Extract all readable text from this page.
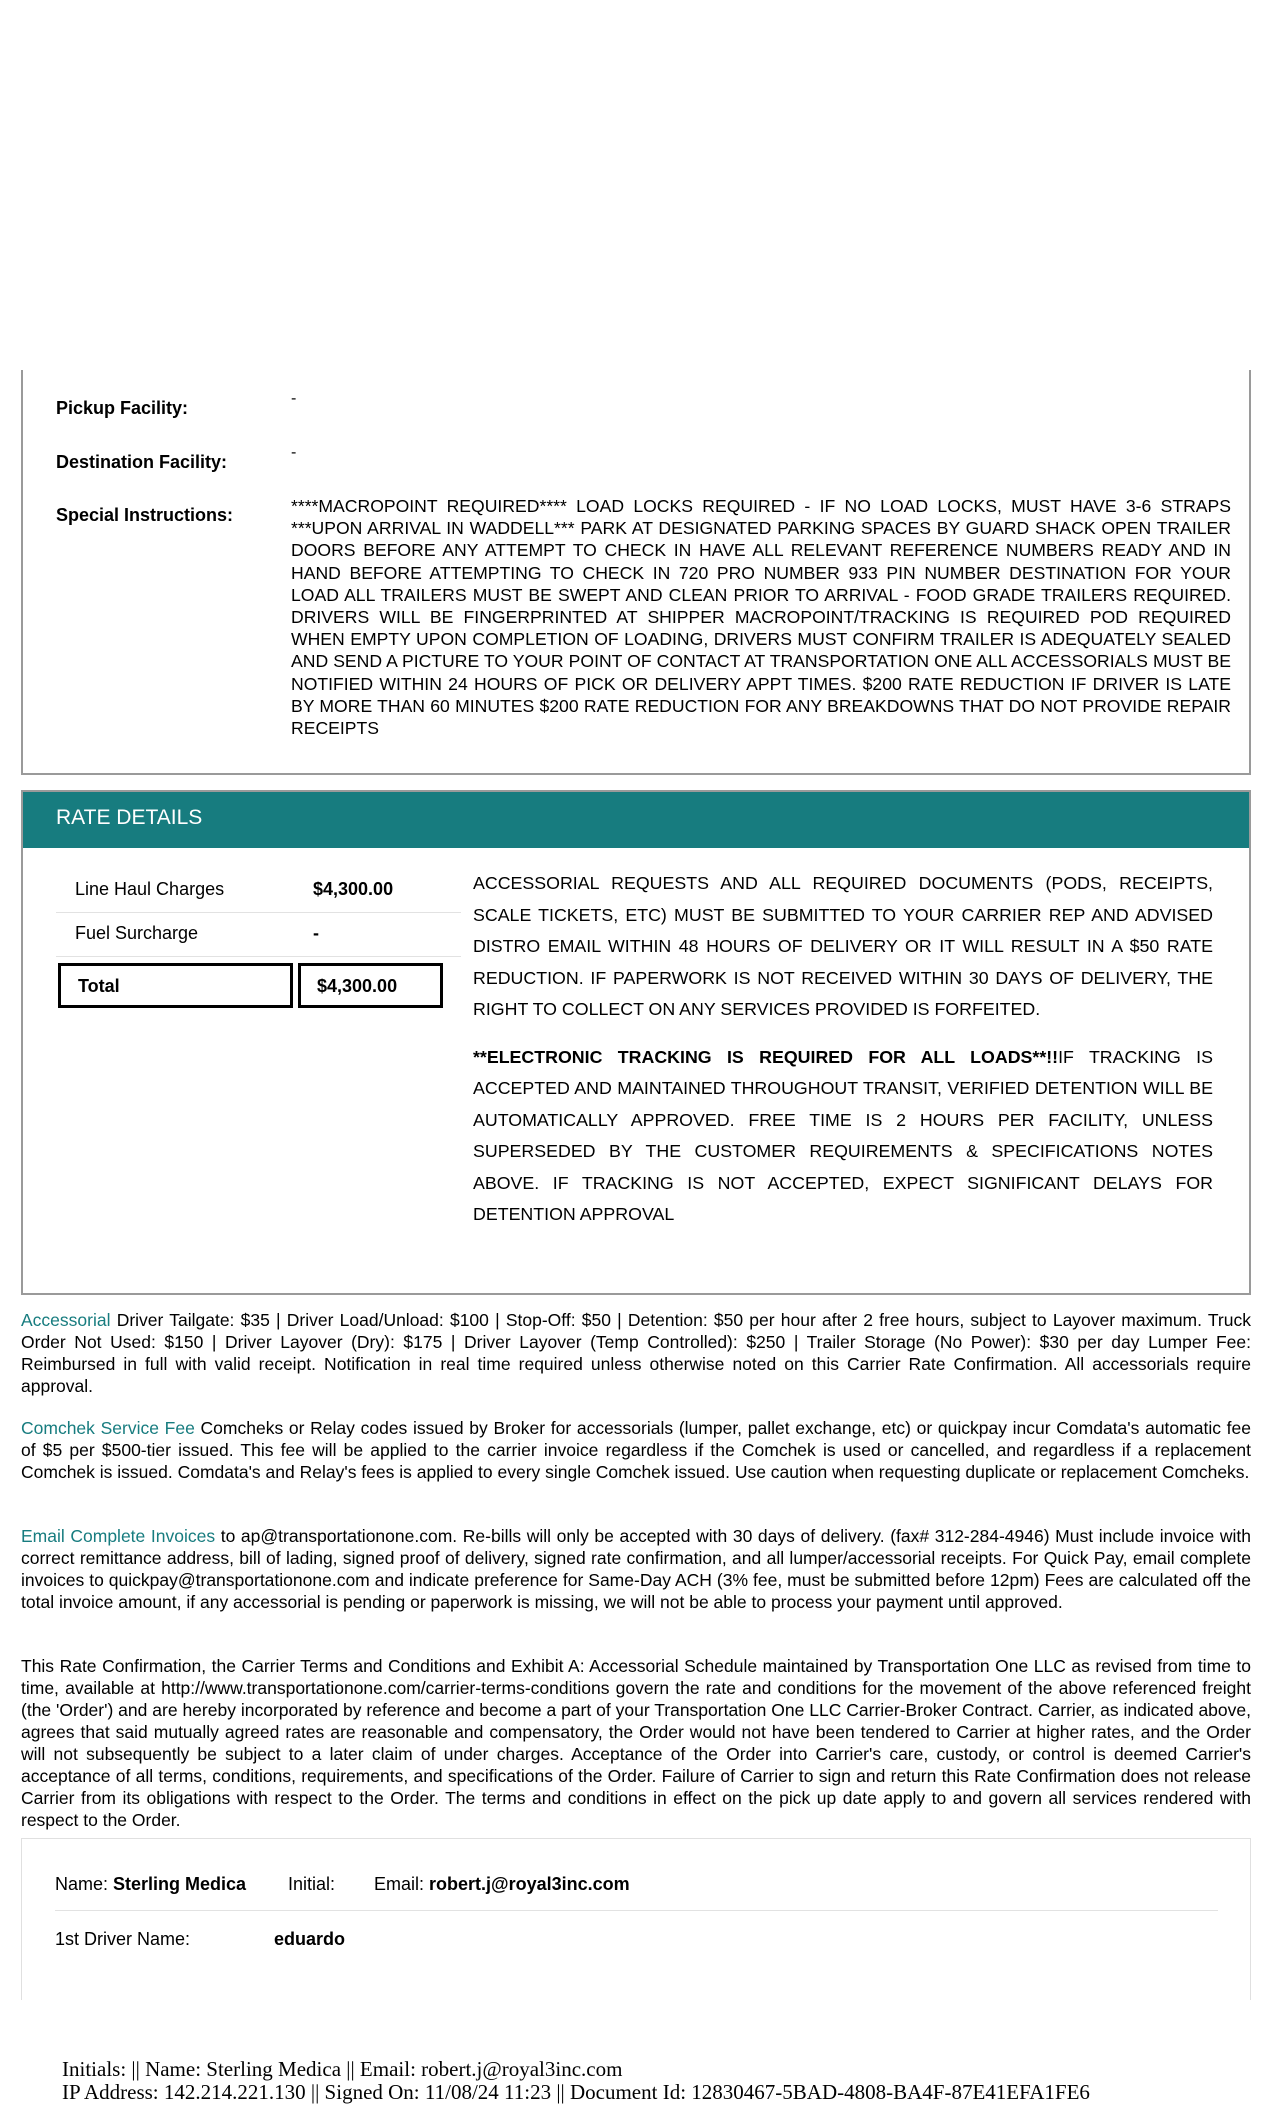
Pickup Facility:	-
Destination Facility:	-
Special Instructions:	****MACROPOINT REQUIRED**** LOAD LOCKS REQUIRED - IF NO LOAD LOCKS, MUST HAVE 3-6 STRAPS ***UPON ARRIVAL IN WADDELL*** PARK AT DESIGNATED PARKING SPACES BY GUARD SHACK OPEN TRAILER DOORS BEFORE ANY ATTEMPT TO CHECK IN HAVE ALL RELEVANT REFERENCE NUMBERS READY AND IN HAND BEFORE ATTEMPTING TO CHECK IN 720 PRO NUMBER 933 PIN NUMBER DESTINATION FOR YOUR LOAD ALL TRAILERS MUST BE SWEPT AND CLEAN PRIOR TO ARRIVAL - FOOD GRADE TRAILERS REQUIRED. DRIVERS WILL BE FINGERPRINTED AT SHIPPER MACROPOINT/TRACKING IS REQUIRED POD REQUIRED WHEN EMPTY UPON COMPLETION OF LOADING, DRIVERS MUST CONFIRM TRAILER IS ADEQUATELY SEALED AND SEND A PICTURE TO YOUR POINT OF CONTACT AT TRANSPORTATION ONE ALL ACCESSORIALS MUST BE NOTIFIED WITHIN 24 HOURS OF PICK OR DELIVERY APPT TIMES. $200 RATE REDUCTION IF DRIVER IS LATE BY MORE THAN 60 MINUTES $200 RATE REDUCTION FOR ANY BREAKDOWNS THAT DO NOT PROVIDE REPAIR RECEIPTS
RATE DETAILS
Line Haul Charges	$4,300.00
Fuel Surcharge	-
Total	$4,300.00

ACCESSORIAL REQUESTS AND ALL REQUIRED DOCUMENTS (PODS, RECEIPTS, SCALE TICKETS, ETC) MUST BE SUBMITTED TO YOUR CARRIER REP AND ADVISED DISTRO EMAIL WITHIN 48 HOURS OF DELIVERY OR IT WILL RESULT IN A $50 RATE REDUCTION. IF PAPERWORK IS NOT RECEIVED WITHIN 30 DAYS OF DELIVERY, THE RIGHT TO COLLECT ON ANY SERVICES PROVIDED IS FORFEITED.

**ELECTRONIC TRACKING IS REQUIRED FOR ALL LOADS**!!IF TRACKING IS ACCEPTED AND MAINTAINED THROUGHOUT TRANSIT, VERIFIED DETENTION WILL BE AUTOMATICALLY APPROVED. FREE TIME IS 2 HOURS PER FACILITY, UNLESS SUPERSEDED BY THE CUSTOMER REQUIREMENTS & SPECIFICATIONS NOTES ABOVE. IF TRACKING IS NOT ACCEPTED, EXPECT SIGNIFICANT DELAYS FOR DETENTION APPROVAL

Accessorial Driver Tailgate: $35 | Driver Load/Unload: $100 | Stop-Off: $50 | Detention: $50 per hour after 2 free hours, subject to Layover maximum. Truck Order Not Used: $150 | Driver Layover (Dry): $175 | Driver Layover (Temp Controlled): $250 | Trailer Storage (No Power): $30 per day Lumper Fee: Reimbursed in full with valid receipt. Notification in real time required unless otherwise noted on this Carrier Rate Confirmation. All accessorials require approval.

Comchek Service Fee Comcheks or Relay codes issued by Broker for accessorials (lumper, pallet exchange, etc) or quickpay incur Comdata's automatic fee of $5 per $500-tier issued. This fee will be applied to the carrier invoice regardless if the Comchek is used or cancelled, and regardless if a replacement Comchek is issued. Comdata's and Relay's fees is applied to every single Comchek issued. Use caution when requesting duplicate or replacement Comcheks.

Email Complete Invoices to ap@transportationone.com. Re-bills will only be accepted with 30 days of delivery. (fax# 312-284-4946) Must include invoice with correct remittance address, bill of lading, signed proof of delivery, signed rate confirmation, and all lumper/accessorial receipts. For Quick Pay, email complete invoices to quickpay@transportationone.com and indicate preference for Same-Day ACH (3% fee, must be submitted before 12pm) Fees are calculated off the total invoice amount, if any accessorial is pending or paperwork is missing, we will not be able to process your payment until approved.

This Rate Confirmation, the Carrier Terms and Conditions and Exhibit A: Accessorial Schedule maintained by Transportation One LLC as revised from time to time, available at http://www.transportationone.com/carrier-terms-conditions govern the rate and conditions for the movement of the above referenced freight (the 'Order') and are hereby incorporated by reference and become a part of your Transportation One LLC Carrier-Broker Contract. Carrier, as indicated above, agrees that said mutually agreed rates are reasonable and compensatory, the Order would not have been tendered to Carrier at higher rates, and the Order will not subsequently be subject to a later claim of under charges. Acceptance of the Order into Carrier's care, custody, or control is deemed Carrier's acceptance of all terms, conditions, requirements, and specifications of the Order. Failure of Carrier to sign and return this Rate Confirmation does not release Carrier from its obligations with respect to the Order. The terms and conditions in effect on the pick up date apply to and govern all services rendered with respect to the Order.

Name: Sterling Medica Initial: Email: robert.j@royal3inc.com
1st Driver Name:	eduardo
Initials: || Name: Sterling Medica || Email: robert.j@royal3inc.com
IP Address: 142.214.221.130 || Signed On: 11/08/24 11:23 || Document Id: 12830467-5BAD-4808-BA4F-87E41EFA1FE6
